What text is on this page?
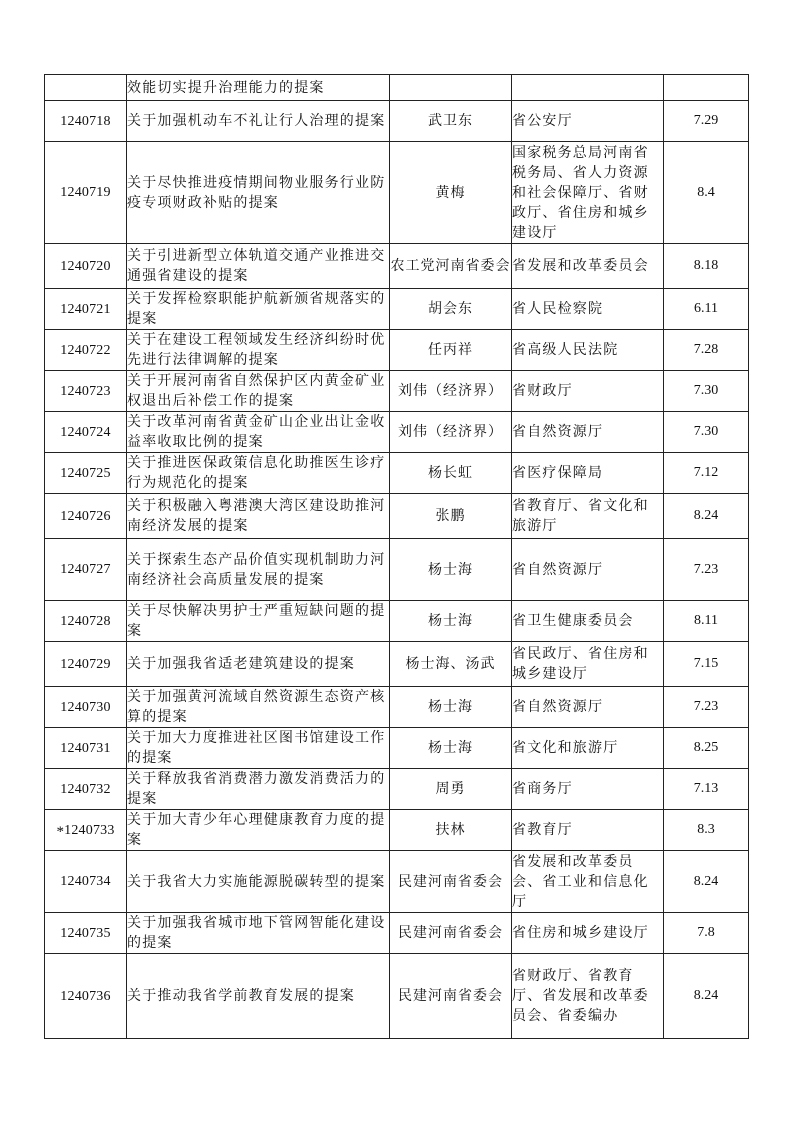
	效能切实提升治理能力的提案			
1240718	关于加强机动车不礼让行人治理的提案	武卫东	省公安厅	7.29
1240719	关于尽快推进疫情期间物业服务行业防疫专项财政补贴的提案	黄梅	国家税务总局河南省税务局、省人力资源和社会保障厅、省财政厅、省住房和城乡建设厅	8.4
1240720	关于引进新型立体轨道交通产业推进交通强省建设的提案	农工党河南省委会	省发展和改革委员会	8.18
1240721	关于发挥检察职能护航新颁省规落实的提案	胡会东	省人民检察院	6.11
1240722	关于在建设工程领域发生经济纠纷时优先进行法律调解的提案	任丙祥	省高级人民法院	7.28
1240723	关于开展河南省自然保护区内黄金矿业权退出后补偿工作的提案	刘伟（经济界）	省财政厅	7.30
1240724	关于改革河南省黄金矿山企业出让金收益率收取比例的提案	刘伟（经济界）	省自然资源厅	7.30
1240725	关于推进医保政策信息化助推医生诊疗行为规范化的提案	杨长虹	省医疗保障局	7.12
1240726	关于积极融入粤港澳大湾区建设助推河南经济发展的提案	张鹏	省教育厅、省文化和旅游厅	8.24
1240727	关于探索生态产品价值实现机制助力河南经济社会高质量发展的提案	杨士海	省自然资源厅	7.23
1240728	关于尽快解决男护士严重短缺问题的提案	杨士海	省卫生健康委员会	8.11
1240729	关于加强我省适老建筑建设的提案	杨士海、汤武	省民政厅、省住房和城乡建设厅	7.15
1240730	关于加强黄河流域自然资源生态资产核算的提案	杨士海	省自然资源厅	7.23
1240731	关于加大力度推进社区图书馆建设工作的提案	杨士海	省文化和旅游厅	8.25
1240732	关于释放我省消费潜力激发消费活力的提案	周勇	省商务厅	7.13
*1240733	关于加大青少年心理健康教育力度的提案	扶林	省教育厅	8.3
1240734	关于我省大力实施能源脱碳转型的提案	民建河南省委会	省发展和改革委员会、省工业和信息化厅	8.24
1240735	关于加强我省城市地下管网智能化建设的提案	民建河南省委会	省住房和城乡建设厅	7.8
1240736	关于推动我省学前教育发展的提案	民建河南省委会	省财政厅、省教育厅、省发展和改革委员会、省委编办	8.24
